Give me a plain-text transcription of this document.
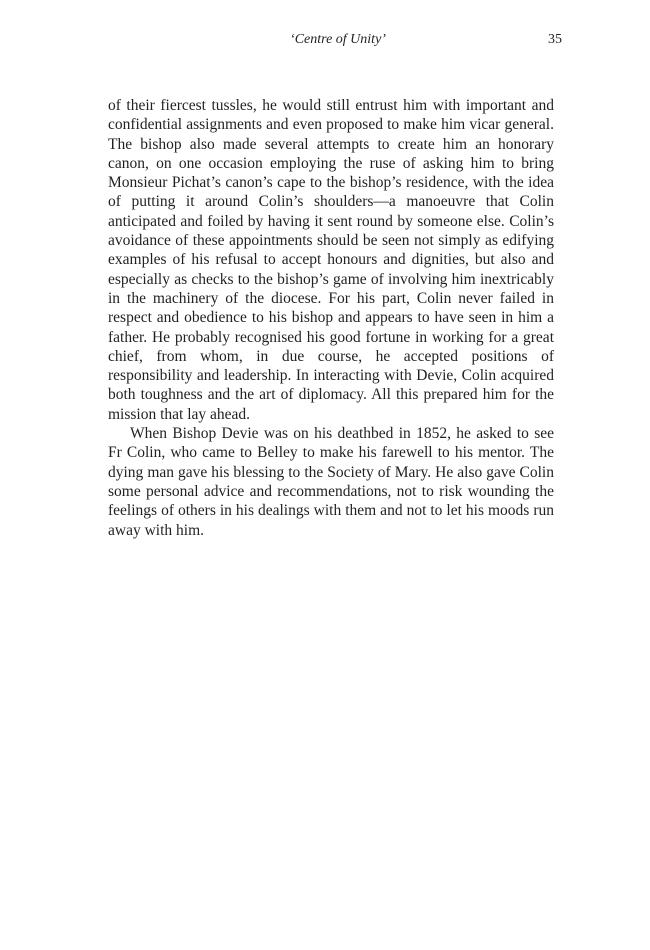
‘Centre of Unity’	35

of their fiercest tussles, he would still entrust him with important and confidential assignments and even proposed to make him vicar general. The bishop also made several attempts to create him an honorary canon, on one occasion employing the ruse of asking him to bring Monsieur Pichat’s canon’s cape to the bishop’s residence, with the idea of putting it around Colin’s shoulders—a manoeuvre that Colin anticipated and foiled by having it sent round by someone else. Colin’s avoidance of these appointments should be seen not simply as edifying examples of his refusal to accept honours and dignities, but also and especially as checks to the bishop’s game of involving him inextricably in the machinery of the diocese. For his part, Colin never failed in respect and obedience to his bishop and appears to have seen in him a father. He probably recognised his good fortune in working for a great chief, from whom, in due course, he accepted positions of responsibility and leadership. In interacting with Devie, Colin acquired both toughness and the art of diplomacy. All this prepared him for the mission that lay ahead.

When Bishop Devie was on his deathbed in 1852, he asked to see Fr Colin, who came to Belley to make his farewell to his mentor. The dying man gave his blessing to the Society of Mary. He also gave Colin some personal advice and recommendations, not to risk wounding the feelings of others in his dealings with them and not to let his moods run away with him.
